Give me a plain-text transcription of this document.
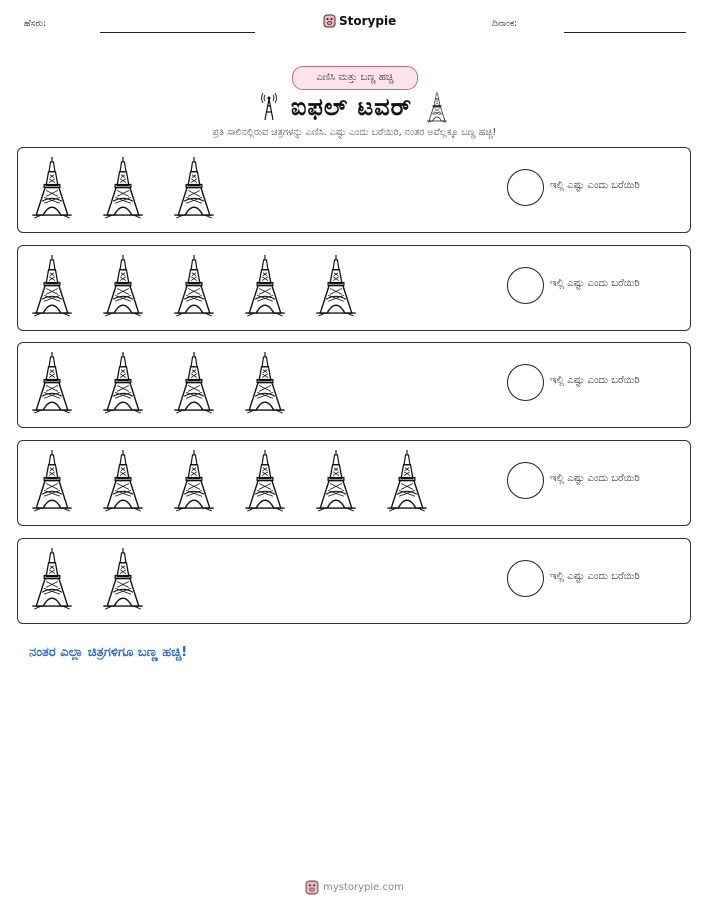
ಹೆಸರು:	Storypie	ದಿನಾಂಕ:
ಎಣಿಸಿ ಮತ್ತು ಬಣ್ಣ ಹಚ್ಚಿ
ಐಫಲ್ ಟವರ್
ಪ್ರತಿ ಸಾಲಿನಲ್ಲಿರುವ ಚಿತ್ರಗಳನ್ನು ಎಣಿಸಿ. ಎಷ್ಟು ಎಂದು ಬರೆಯಿರಿ, ನಂತರ ಅವೆಲ್ಲಕ್ಕೂ ಬಣ್ಣ ಹಚ್ಚಿ!
ಇಲ್ಲಿ ಎಷ್ಟು ಎಂದು ಬರೆಯಿರಿ
ಇಲ್ಲಿ ಎಷ್ಟು ಎಂದು ಬರೆಯಿರಿ
ಇಲ್ಲಿ ಎಷ್ಟು ಎಂದು ಬರೆಯಿರಿ
ಇಲ್ಲಿ ಎಷ್ಟು ಎಂದು ಬರೆಯಿರಿ
ಇಲ್ಲಿ ಎಷ್ಟು ಎಂದು ಬರೆಯಿರಿ
ನಂತರ ಎಲ್ಲಾ ಚಿತ್ರಗಳಿಗೂ ಬಣ್ಣ ಹಚ್ಚಿ!
mystorypie.com
